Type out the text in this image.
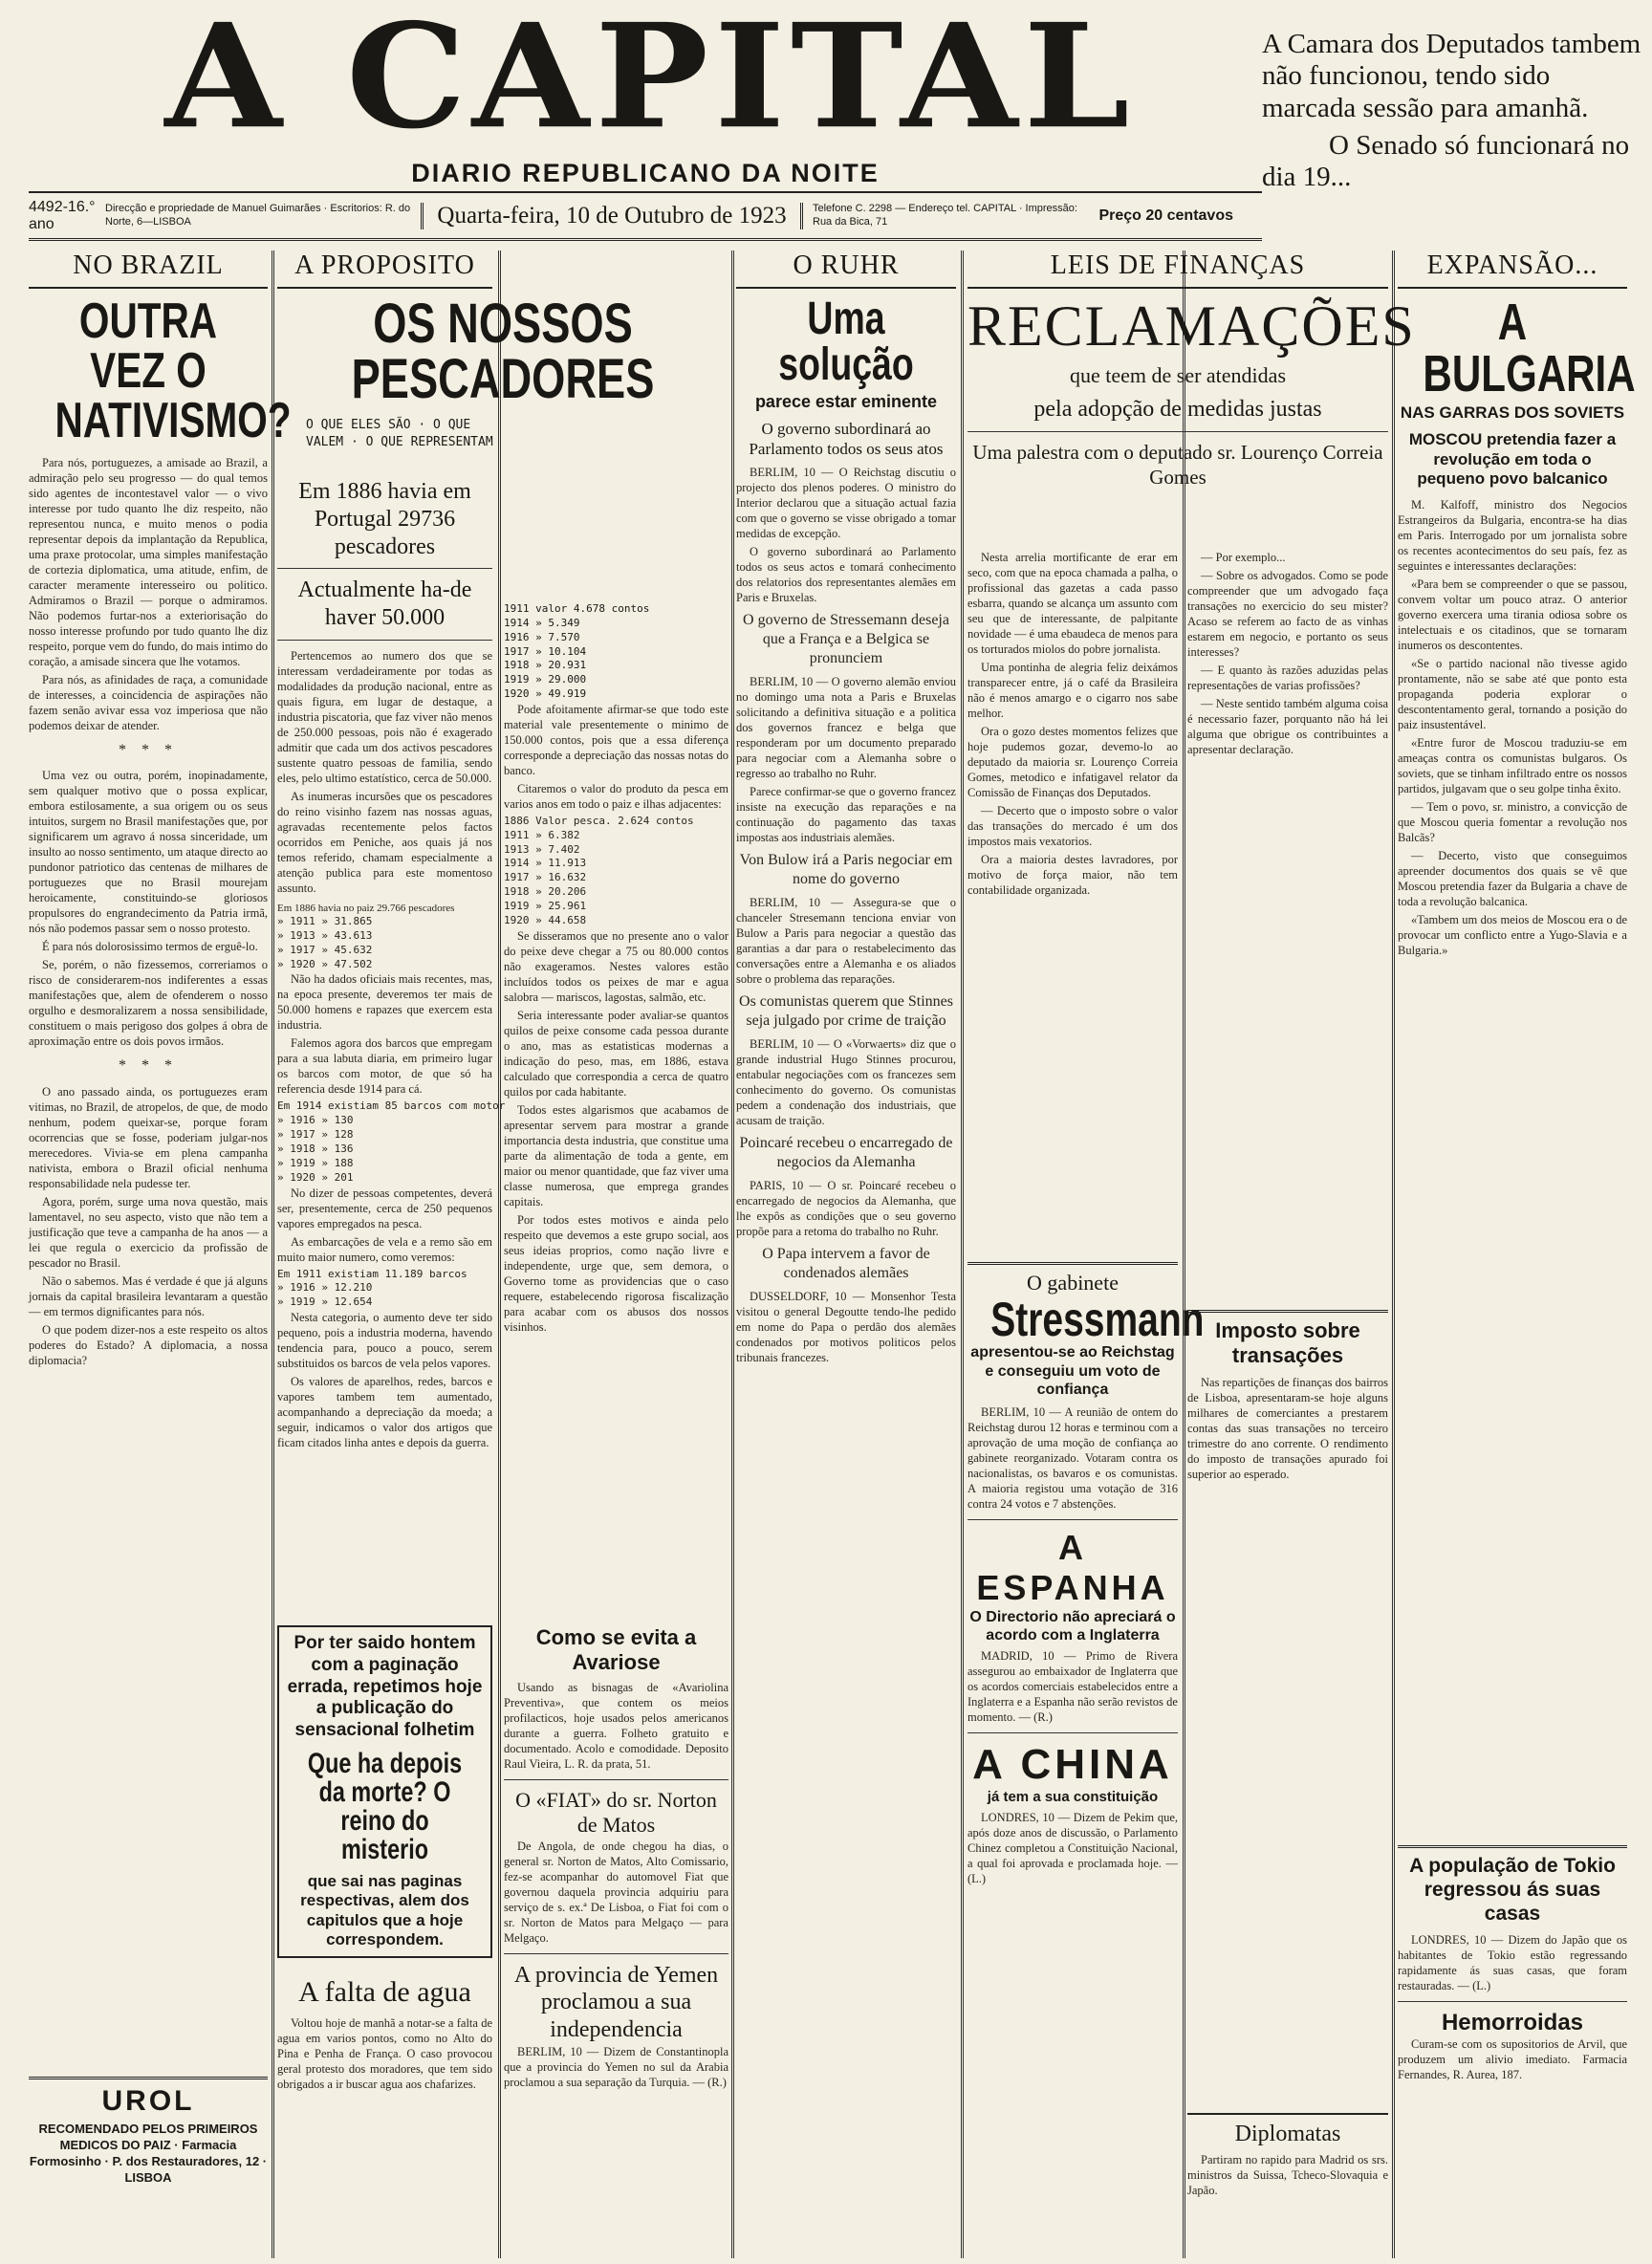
A CAPITAL
DIARIO REPUBLICANO DA NOITE

A Camara dos Deputados tambem não funcionou, tendo sido marcada sessão para amanhã.

O Senado só funcionará no dia 19...

4492-16.° ano
Direcção e propriedade de Manuel Guimarães · Escritorios: R. do Norte, 6—LISBOA	Quarta-feira, 10 de Outubro de 1923	Telefone C. 2298 — Endereço tel. CAPITAL · Impressão: Rua da Bica, 71	Preço 20 centavos
NO BRAZIL
OUTRA VEZ O NATIVISMO?

Para nós, portuguezes, a amisade ao Brazil, a admiração pelo seu progresso — do qual temos sido agentes de incontestavel valor — o vivo interesse por tudo quanto lhe diz respeito, não representou nunca, e muito menos o podia representar depois da implantação da Republica, uma praxe protocolar, uma simples manifestação de cortezia diplomatica, uma atitude, enfim, de caracter meramente interesseiro ou politico. Admiramos o Brazil — porque o admiramos. Não podemos furtar-nos a exteriorisação do nosso interesse profundo por tudo quanto lhe diz respeito, porque vem do fundo, do mais intimo do coração, a amisade sincera que lhe votamos.

Para nós, as afinidades de raça, a comunidade de interesses, a coincidencia de aspirações não fazem senão avivar essa voz imperiosa que não podemos deixar de atender.

* * *

Uma vez ou outra, porém, inopinadamente, sem qualquer motivo que o possa explicar, embora estilosamente, a sua origem ou os seus intuitos, surgem no Brasil manifestações que, por significarem um agravo á nossa sinceridade, um insulto ao nosso sentimento, um ataque directo ao pundonor patriotico das centenas de milhares de portuguezes que no Brasil mourejam heroicamente, constituindo-se gloriosos propulsores do engrandecimento da Patria irmã, nós não podemos passar sem o nosso protesto.

É para nós dolorosissimo termos de erguê-lo.

Se, porém, o não fizessemos, correriamos o risco de considerarem-nos indiferentes a essas manifestações que, alem de ofenderem o nosso orgulho e desmoralizarem a nossa sensibilidade, constituem o mais perigoso dos golpes á obra de aproximação entre os dois povos irmãos.

* * *

O ano passado ainda, os portuguezes eram vitimas, no Brazil, de atropelos, de que, de modo nenhum, podem queixar-se, porque foram ocorrencias que se fosse, poderiam julgar-nos merecedores. Vivia-se em plena campanha nativista, embora o Brazil oficial nenhuma responsabilidade nela pudesse ter.

Agora, porém, surge uma nova questão, mais lamentavel, no seu aspecto, visto que não tem a justificação que teve a campanha de ha anos — a lei que regula o exercicio da profissão de pescador no Brasil.

Não o sabemos. Mas é verdade é que já alguns jornais da capital brasileira levantaram a questão — em termos dignificantes para nós.

O que podem dizer-nos a este respeito os altos poderes do Estado? A diplomacia, a nossa diplomacia?

UROL
RECOMENDADO PELOS PRIMEIROS MEDICOS DO PAIZ · Farmacia Formosinho · P. dos Restauradores, 12 · LISBOA
A PROPOSITO
OS NOSSOS PESCADORES
O QUE ELES SÃO · O QUE VALEM · O QUE REPRESENTAM
Em 1886 havia em Portugal 29736 pescadores
Actualmente ha-de haver 50.000

Pertencemos ao numero dos que se interessam verdadeiramente por todas as modalidades da produção nacional, entre as quais figura, em lugar de destaque, a industria piscatoria, que faz viver não menos de 250.000 pessoas, pois não é exagerado admitir que cada um dos activos pescadores sustente quatro pessoas de familia, sendo eles, pelo ultimo estatístico, cerca de 50.000.

As inumeras incursões que os pescadores do reino visinho fazem nas nossas aguas, agravadas recentemente pelos factos ocorridos em Peniche, aos quais já nos temos referido, chamam especialmente a atenção publica para este momentoso assunto.

Em 1886 havia no paiz 29.766 pescadores
» 1911 » 31.865
» 1913 » 43.613
» 1917 » 45.632
» 1920 » 47.502

Não ha dados oficiais mais recentes, mas, na epoca presente, deveremos ter mais de 50.000 homens e rapazes que exercem esta industria.

Falemos agora dos barcos que empregam para a sua labuta diaria, em primeiro lugar os barcos com motor, de que só ha referencia desde 1914 para cá.

Em 1914 existiam 85 barcos com motor
» 1916 » 130
» 1917 » 128
» 1918 » 136
» 1919 » 188
» 1920 » 201

No dizer de pessoas competentes, deverá ser, presentemente, cerca de 250 pequenos vapores empregados na pesca.

As embarcações de vela e a remo são em muito maior numero, como veremos:

Em 1911 existiam 11.189 barcos
» 1916 » 12.210
» 1919 » 12.654

Nesta categoria, o aumento deve ter sido pequeno, pois a industria moderna, havendo tendencia para, pouco a pouco, serem substituidos os barcos de vela pelos vapores.

Os valores de aparelhos, redes, barcos e vapores tambem tem aumentado, acompanhando a depreciação da moeda; a seguir, indicamos o valor dos artigos que ficam citados linha antes e depois da guerra.

Por ter saido hontem com a paginação errada, repetimos hoje a publicação do sensacional folhetim
Que ha depois da morte? O reino do misterio
que sai nas paginas respectivas, alem dos capitulos que a hoje correspondem.
A falta de agua

Voltou hoje de manhã a notar-se a falta de agua em varios pontos, como no Alto do Pina e Penha de França. O caso provocou geral protesto dos moradores, que tem sido obrigados a ir buscar agua aos chafarizes.

1911 valor 4.678 contos
1914 » 5.349
1916 » 7.570
1917 » 10.104
1918 » 20.931
1919 » 29.000
1920 » 49.919

Pode afoitamente afirmar-se que todo este material vale presentemente o minimo de 150.000 contos, pois que a essa diferença corresponde a depreciação das nossas notas do banco.

Citaremos o valor do produto da pesca em varios anos em todo o paiz e ilhas adjacentes:

1886 Valor pesca. 2.624 contos
1911 » 6.382
1913 » 7.402
1914 » 11.913
1917 » 16.632
1918 » 20.206
1919 » 25.961
1920 » 44.658

Se disseramos que no presente ano o valor do peixe deve chegar a 75 ou 80.000 contos não exageramos. Nestes valores estão incluídos todos os peixes de mar e agua salobra — mariscos, lagostas, salmão, etc.

Seria interessante poder avaliar-se quantos quilos de peixe consome cada pessoa durante o ano, mas as estatisticas modernas a indicação do peso, mas, em 1886, estava calculado que correspondia a cerca de quatro quilos por cada habitante.

Todos estes algarismos que acabamos de apresentar servem para mostrar a grande importancia desta industria, que constitue uma parte da alimentação de toda a gente, em maior ou menor quantidade, que faz viver uma classe numerosa, que emprega grandes capitais.

Por todos estes motivos e ainda pelo respeito que devemos a este grupo social, aos seus ideias proprios, como nação livre e independente, urge que, sem demora, o Governo tome as providencias que o caso requere, estabelecendo rigorosa fiscalização para acabar com os abusos dos nossos visinhos.

Como se evita a Avariose

Usando as bisnagas de «Avariolina Preventiva», que contem os meios profilacticos, hoje usados pelos americanos durante a guerra. Folheto gratuito e documentado. Acolo e comodidade. Deposito Raul Vieira, L. R. da prata, 51.

O «FIAT» do sr. Norton de Matos

De Angola, de onde chegou ha dias, o general sr. Norton de Matos, Alto Comissario, fez-se acompanhar do automovel Fiat que governou daquela provincia adquiriu para serviço de s. ex.ª De Lisboa, o Fiat foi com o sr. Norton de Matos para Melgaço — para Melgaço.

A provincia de Yemen proclamou a sua independencia

BERLIM, 10 — Dizem de Constantinopla que a provincia do Yemen no sul da Arabia proclamou a sua separação da Turquia. — (R.)

O RUHR
Uma solução
parece estar eminente
O governo subordinará ao Parlamento todos os seus atos

BERLIM, 10 — O Reichstag discutiu o projecto dos plenos poderes. O ministro do Interior declarou que a situação actual fazia com que o governo se visse obrigado a tomar medidas de excepção.

O governo subordinará ao Parlamento todos os seus actos e tomará conhecimento dos relatorios dos representantes alemães em Paris e Bruxelas.

O governo de Stressemann deseja que a França e a Belgica se pronunciem

BERLIM, 10 — O governo alemão enviou no domingo uma nota a Paris e Bruxelas solicitando a definitiva situação e a politica dos governos francez e belga que responderam por um documento preparado para negociar com a Alemanha sobre o regresso ao trabalho no Ruhr.

Parece confirmar-se que o governo francez insiste na execução das reparações e na continuação do pagamento das taxas impostas aos industriais alemães.

Von Bulow irá a Paris negociar em nome do governo

BERLIM, 10 — Assegura-se que o chanceler Stresemann tenciona enviar von Bulow a Paris para negociar a questão das garantias a dar para o restabelecimento das conversações entre a Alemanha e os aliados sobre o problema das reparações.

Os comunistas querem que Stinnes seja julgado por crime de traição

BERLIM, 10 — O «Vorwaerts» diz que o grande industrial Hugo Stinnes procurou, entabular negociações com os francezes sem conhecimento do governo. Os comunistas pedem a condenação dos industriais, que acusam de traição.

Poincaré recebeu o encarregado de negocios da Alemanha

PARIS, 10 — O sr. Poincaré recebeu o encarregado de negocios da Alemanha, que lhe expôs as condições que o seu governo propõe para a retoma do trabalho no Ruhr.

O Papa intervem a favor de condenados alemães

DUSSELDORF, 10 — Monsenhor Testa visitou o general Degoutte tendo-lhe pedido em nome do Papa o perdão dos alemães condenados por motivos politicos pelos tribunais francezes.

LEIS DE FINANÇAS
RECLAMAÇÕES
que teem de ser atendidas
pela adopção de medidas justas
Uma palestra com o deputado sr. Lourenço Correia Gomes

Nesta arrelia mortificante de erar em seco, com que na epoca chamada a palha, o profissional das gazetas a cada passo esbarra, quando se alcança um assunto com seu que de interessante, de palpitante novidade — é uma ebaudeca de menos para os torturados miolos do pobre jornalista.

Uma pontinha de alegria feliz deixámos transparecer entre, já o café da Brasileira não é menos amargo e o cigarro nos sabe melhor.

Ora o gozo destes momentos felizes que hoje pudemos gozar, devemo-lo ao deputado da maioria sr. Lourenço Correia Gomes, metodico e infatigavel relator da Comissão de Finanças dos Deputados.

— Decerto que o imposto sobre o valor das transações do mercado é um dos impostos mais vexatorios.

Ora a maioria destes lavradores, por motivo de força maior, não tem contabilidade organizada.

O gabinete
Stressmann
apresentou-se ao Reichstag e conseguiu um voto de confiança

BERLIM, 10 — A reunião de ontem do Reichstag durou 12 horas e terminou com a aprovação de uma moção de confiança ao gabinete reorganizado. Votaram contra os nacionalistas, os bavaros e os comunistas. A maioria registou uma votação de 316 contra 24 votos e 7 abstenções.

A ESPANHA
O Directorio não apreciará o acordo com a Inglaterra

MADRID, 10 — Primo de Rivera assegurou ao embaixador de Inglaterra que os acordos comerciais estabelecidos entre a Inglaterra e a Espanha não serão revistos de momento. — (R.)

A CHINA
já tem a sua constituição

LONDRES, 10 — Dizem de Pekim que, após doze anos de discussão, o Parlamento Chinez completou a Constituição Nacional, a qual foi aprovada e proclamada hoje. — (L.)

— Por exemplo...

— Sobre os advogados. Como se pode compreender que um advogado faça transações no exercicio do seu mister? Acaso se referem ao facto de as vinhas estarem em negocio, e portanto os seus interesses?

— E quanto às razões aduzidas pelas representações de varias profissões?

— Neste sentido também alguma coisa é necessario fazer, porquanto não há lei alguma que obrigue os contribuintes a apresentar declaração.

Imposto sobre transações

Nas repartições de finanças dos bairros de Lisboa, apresentaram-se hoje alguns milhares de comerciantes a prestarem contas das suas transações no terceiro trimestre do ano corrente. O rendimento do imposto de transações apurado foi superior ao esperado.

Diplomatas

Partiram no rapido para Madrid os srs. ministros da Suissa, Tcheco-Slovaquia e Japão.

EXPANSÃO...
A BULGARIA
NAS GARRAS DOS SOVIETS
MOSCOU pretendia fazer a revolução em toda o pequeno povo balcanico

M. Kalfoff, ministro dos Negocios Estrangeiros da Bulgaria, encontra-se ha dias em Paris. Interrogado por um jornalista sobre os recentes acontecimentos do seu país, fez as seguintes e interessantes declarações:

«Para bem se compreender o que se passou, convem voltar um pouco atraz. O anterior governo exercera uma tirania odiosa sobre os intelectuais e os citadinos, que se tornaram inumeros os descontentes.

«Se o partido nacional não tivesse agido prontamente, não se sabe até que ponto esta propaganda poderia explorar o descontentamento geral, tornando a posição do paiz insustentável.

«Entre furor de Moscou traduziu-se em ameaças contra os comunistas bulgaros. Os soviets, que se tinham infiltrado entre os nossos partidos, julgavam que o seu golpe tinha êxito.

— Tem o povo, sr. ministro, a convicção de que Moscou queria fomentar a revolução nos Balcãs?

— Decerto, visto que conseguimos apreender documentos dos quais se vê que Moscou pretendia fazer da Bulgaria a chave de toda a revolução balcanica.

«Tambem um dos meios de Moscou era o de provocar um conflicto entre a Yugo-Slavia e a Bulgaria.»

A população de Tokio regressou ás suas casas

LONDRES, 10 — Dizem do Japão que os habitantes de Tokio estão regressando rapidamente ás suas casas, que foram restauradas. — (L.)

Hemorroidas

Curam-se com os supositorios de Arvil, que produzem um alivio imediato. Farmacia Fernandes, R. Aurea, 187.
